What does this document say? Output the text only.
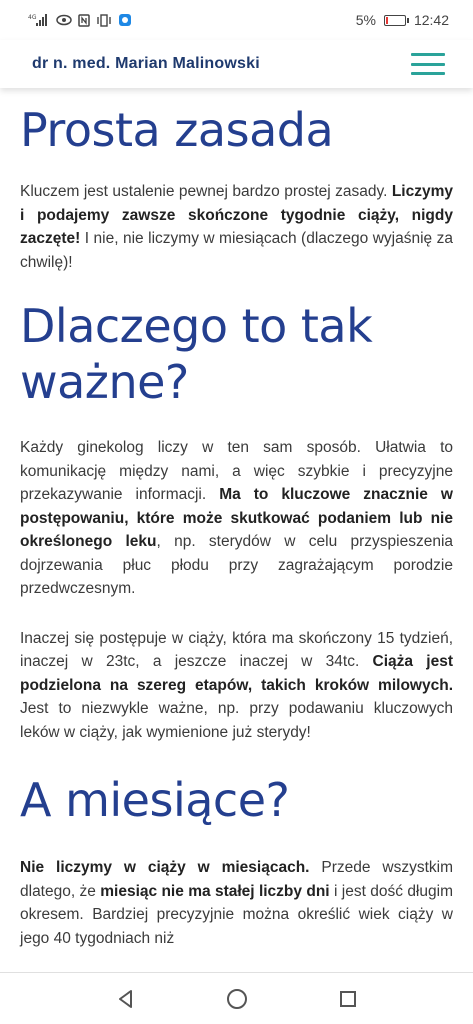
4G	5%	12:42
dr n. med. Marian Malinowski
Prosta zasada

Kluczem jest ustalenie pewnej bardzo prostej zasady. Liczymy i podajemy zawsze skończone tygodnie ciąży, nigdy zaczęte! I nie, nie liczymy w miesiącach (dlaczego wyjaśnię za chwilę)!

Dlaczego to tak ważne?

Każdy ginekolog liczy w ten sam sposób. Ułatwia to komunikację między nami, a więc szybkie i precyzyjne przekazywanie informacji. Ma to kluczowe znacznie w postępowaniu, które może skutkować podaniem lub nie określonego leku, np. sterydów w celu przyspieszenia dojrzewania płuc płodu przy zagrażającym porodzie przedwczesnym.

Inaczej się postępuje w ciąży, która ma skończony 15 tydzień, inaczej w 23tc, a jeszcze inaczej w 34tc. Ciąża jest podzielona na szereg etapów, takich kroków milowych. Jest to niezwykle ważne, np. przy podawaniu kluczowych leków w ciąży, jak wymienione już sterydy!

A miesiące?

Nie liczymy w ciąży w miesiącach. Przede wszystkim dlatego, że miesiąc nie ma stałej liczby dni i jest dość długim okresem. Bardziej precyzyjnie można określić wiek ciąży w jego 40 tygodniach niż
